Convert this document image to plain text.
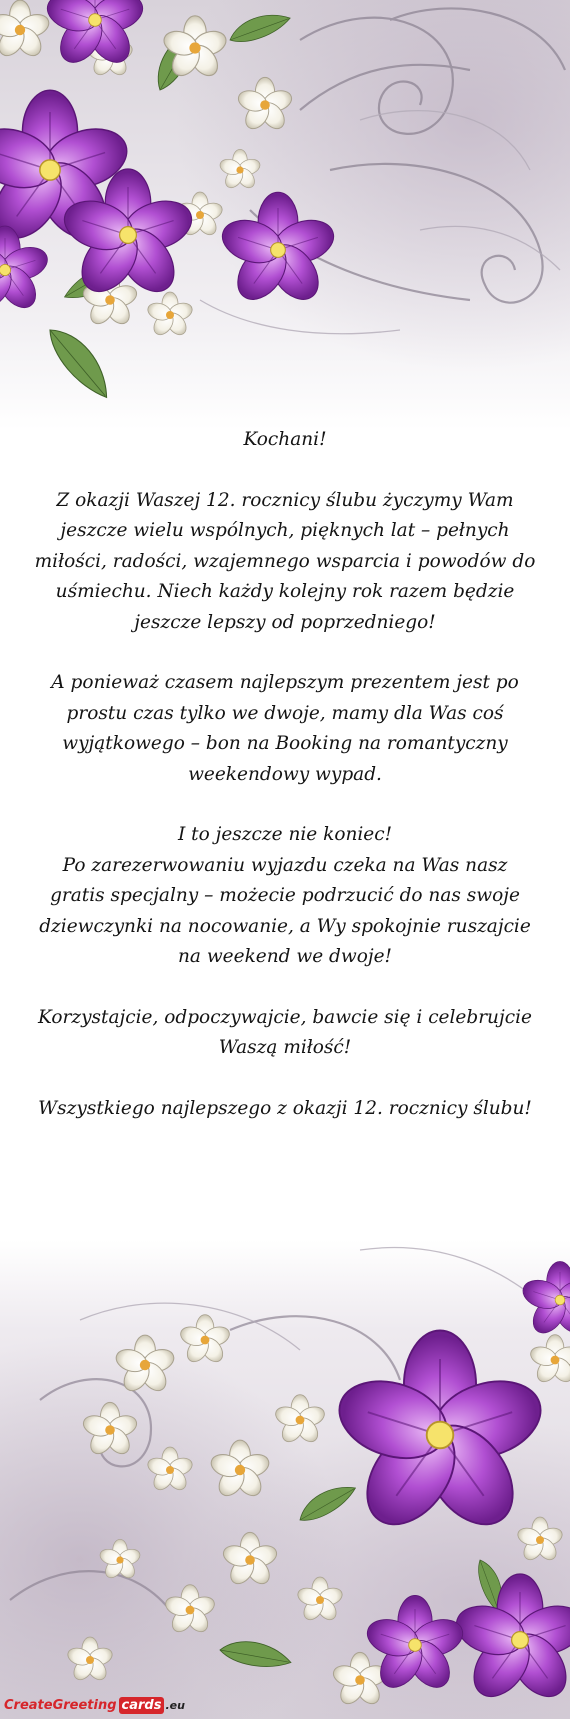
Kochani!

Z okazji Waszej 12. rocznicy ślubu życzymy Wam
jeszcze wielu wspólnych, pięknych lat – pełnych
miłości, radości, wzajemnego wsparcia i powodów do
uśmiechu. Niech każdy kolejny rok razem będzie
jeszcze lepszy od poprzedniego!

A ponieważ czasem najlepszym prezentem jest po
prostu czas tylko we dwoje, mamy dla Was coś
wyjątkowego – bon na Booking na romantyczny
weekendowy wypad.

I to jeszcze nie koniec!

Po zarezerwowaniu wyjazdu czeka na Was nasz
gratis specjalny – możecie podrzucić do nas swoje
dziewczynki na nocowanie, a Wy spokojnie ruszajcie
na weekend we dwoje!

Korzystajcie, odpoczywajcie, bawcie się i celebrujcie
Waszą miłość!

Wszystkiego najlepszego z okazji 12. rocznicy ślubu!

CreateGreeting cards .eu
